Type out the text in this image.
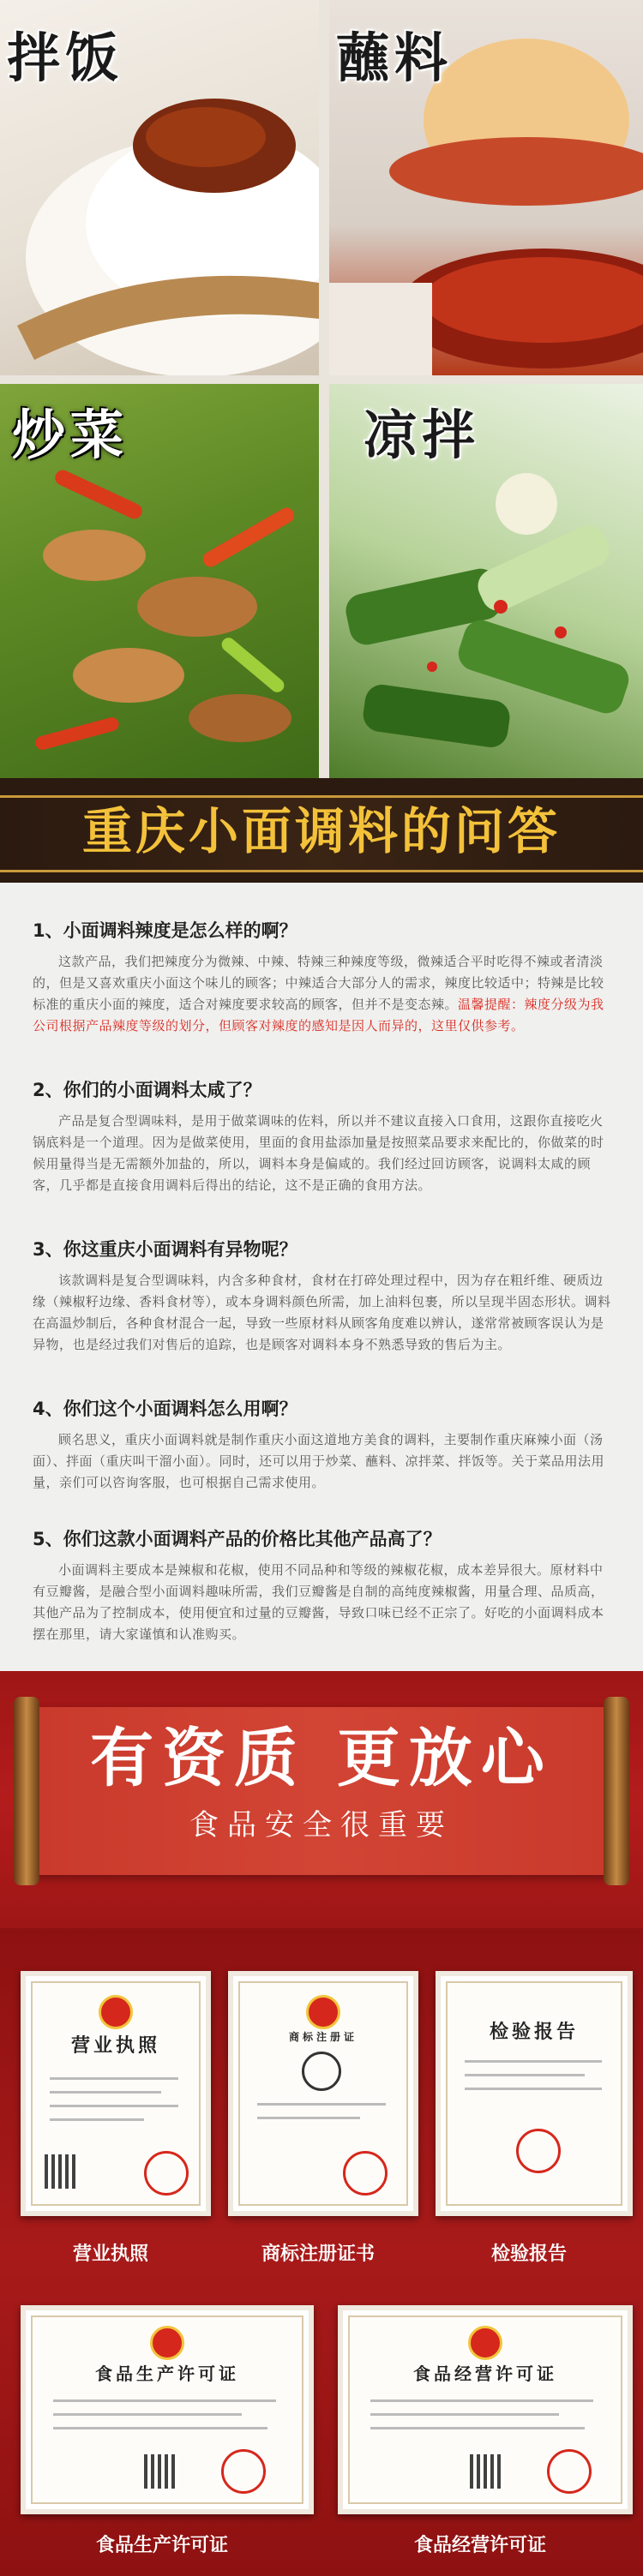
拌饭	蘸料
炒菜	凉拌
重庆小面调料的问答

1、小面调料辣度是怎么样的啊？

这款产品，我们把辣度分为微辣、中辣、特辣三种辣度等级，微辣适合平时吃得不辣或者清淡的，但是又喜欢重庆小面这个味儿的顾客；中辣适合大部分人的需求，辣度比较适中；特辣是比较标准的重庆小面的辣度，适合对辣度要求较高的顾客，但并不是变态辣。温馨提醒：辣度分级为我公司根据产品辣度等级的划分，但顾客对辣度的感知是因人而异的，这里仅供参考。

2、你们的小面调料太咸了？

产品是复合型调味料，是用于做菜调味的佐料，所以并不建议直接入口食用，这跟你直接吃火锅底料是一个道理。因为是做菜使用，里面的食用盐添加量是按照菜品要求来配比的，你做菜的时候用量得当是无需额外加盐的，所以，调料本身是偏咸的。我们经过回访顾客，说调料太咸的顾客，几乎都是直接食用调料后得出的结论，这不是正确的食用方法。

3、你这重庆小面调料有异物呢？

该款调料是复合型调味料，内含多种食材，食材在打碎处理过程中，因为存在粗纤维、硬质边缘（辣椒籽边缘、香料食材等），或本身调料颜色所需，加上油料包裹，所以呈现半固态形状。调料在高温炒制后，各种食材混合一起，导致一些原材料从顾客角度难以辨认，遂常常被顾客误认为是异物，也是经过我们对售后的追踪，也是顾客对调料本身不熟悉导致的售后为主。

4、你们这个小面调料怎么用啊？

顾名思义，重庆小面调料就是制作重庆小面这道地方美食的调料，主要制作重庆麻辣小面（汤面）、拌面（重庆叫干溜小面）。同时，还可以用于炒菜、蘸料、凉拌菜、拌饭等。关于菜品用法用量，亲们可以咨询客服，也可根据自己需求使用。

5、你们这款小面调料产品的价格比其他产品高了？

小面调料主要成本是辣椒和花椒，使用不同品种和等级的辣椒花椒，成本差异很大。原材料中有豆瓣酱，是融合型小面调料趣味所需，我们豆瓣酱是自制的高纯度辣椒酱，用量合理、品质高，其他产品为了控制成本，使用便宜和过量的豆瓣酱，导致口味已经不正宗了。好吃的小面调料成本摆在那里，请大家谨慎和认准购买。

有资质 更放心
食品安全很重要
营业执照	商标注册证	检验报告
食品生产许可证	食品经营许可证
营业执照	商标注册证书	检验报告
食品生产许可证	食品经营许可证
